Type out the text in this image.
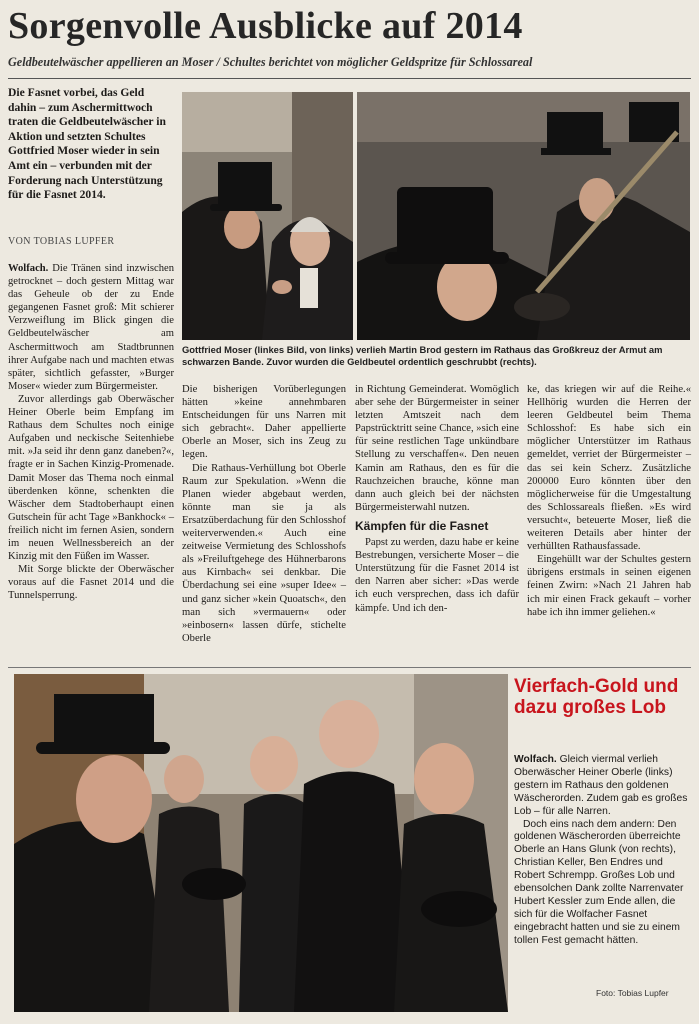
Sorgenvolle Ausblicke auf 2014
Geldbeutelwäscher appellieren an Moser / Schultes berichtet von möglicher Geldspritze für Schlossareal
Die Fasnet vorbei, das Geld dahin – zum Aschermittwoch traten die Geldbeutelwäscher in Aktion und setzten Schultes Gottfried Moser wieder in sein Amt ein – verbunden mit der Forderung nach Unterstützung für die Fasnet 2014.
VON TOBIAS LUPFER
Gottfried Moser (linkes Bild, von links) verlieh Martin Brod gestern im Rathaus das Großkreuz der Armut am schwarzen Bande. Zuvor wurden die Geldbeutel ordentlich geschrubbt (rechts).

Wolfach. Die Tränen sind inzwischen getrocknet – doch gestern Mittag war das Geheule ob der zu Ende gegangenen Fasnet groß: Mit schierer Verzweiflung im Blick gingen die Geldbeutelwäscher am Aschermittwoch am Stadtbrunnen ihrer Aufgabe nach und machten etwas später, sichtlich gefasster, »Burger Moser« wieder zum Bürgermeister.

Zuvor allerdings gab Oberwäscher Heiner Oberle beim Empfang im Rathaus dem Schultes noch einige Aufgaben und neckische Seitenhiebe mit. »Ja seid ihr denn ganz daneben?«, fragte er in Sachen Kinzig-Promenade. Damit Moser das Thema noch einmal überdenken könne, schenkten die Wäscher dem Stadtoberhaupt einen Gutschein für acht Tage »Bankhock« – freilich nicht im fernen Asien, sondern im neuen Wellnessbereich an der Kinzig mit den Füßen im Wasser.

Mit Sorge blickte der Oberwäscher voraus auf die Fasnet 2014 und die Tunnelsperrung.

Die bisherigen Vorüberlegungen hätten »keine annehmbaren Entscheidungen für uns Narren mit sich gebracht«. Daher appellierte Oberle an Moser, sich ins Zeug zu legen.

Die Rathaus-Verhüllung bot Oberle Raum zur Spekulation. »Wenn die Planen wieder abgebaut werden, könnte man sie ja als Ersatzüberdachung für den Schlosshof weiterverwenden.« Auch eine zeitweise Vermietung des Schlosshofs als »Freiluftgehege des Hühnerbarons aus Kirnbach« sei denkbar. Die Überdachung sei eine »super Idee« – und ganz sicher »kein Quoatsch«, den man sich »vermauern« oder »einbosern« lassen dürfe, stichelte Oberle

in Richtung Gemeinderat. Womöglich aber sehe der Bürgermeister in seiner letzten Amtszeit nach dem Papstrücktritt seine Chance, »sich eine für seine restlichen Tage unkündbare Stellung zu verschaffen«. Den neuen Kamin am Rathaus, den es für die Rauchzeichen brauche, könne man dann auch gleich bei der nächsten Bürgermeisterwahl nutzen.

Kämpfen für die Fasnet

Papst zu werden, dazu habe er keine Bestrebungen, versicherte Moser – die Unterstützung für die Fasnet 2014 ist den Narren aber sicher: »Das werde ich euch versprechen, dass ich dafür kämpfe. Und ich den-

ke, das kriegen wir auf die Reihe.« Hellhörig wurden die Herren der leeren Geldbeutel beim Thema Schlosshof: Es habe sich ein möglicher Unterstützer im Rathaus gemeldet, verriet der Bürgermeister – das sei kein Scherz. Zusätzliche 200000 Euro könnten über den möglicherweise für die Umgestaltung des Schlossareals fließen. »Es wird versucht«, beteuerte Moser, ließ die weiteren Details aber hinter der verhüllten Rathausfassade.

Eingehüllt war der Schultes gestern übrigens erstmals in seinen eigenen feinen Zwirn: »Nach 21 Jahren hab ich mir einen Frack gekauft – vorher habe ich ihn immer geliehen.«

Vierfach-Gold und dazu großes Lob

Wolfach. Gleich viermal verlieh Oberwäscher Heiner Oberle (links) gestern im Rathaus den goldenen Wäscherorden. Zudem gab es großes Lob – für alle Narren.

Doch eins nach dem andern: Den goldenen Wäscherorden überreichte Oberle an Hans Glunk (von rechts), Christian Keller, Ben Endres und Robert Schrempp. Großes Lob und ebensolchen Dank zollte Narrenvater Hubert Kessler zum Ende allen, die sich für die Wolfacher Fasnet eingebracht hatten und sie zu einem tollen Fest gemacht hätten.

Foto: Tobias Lupfer
